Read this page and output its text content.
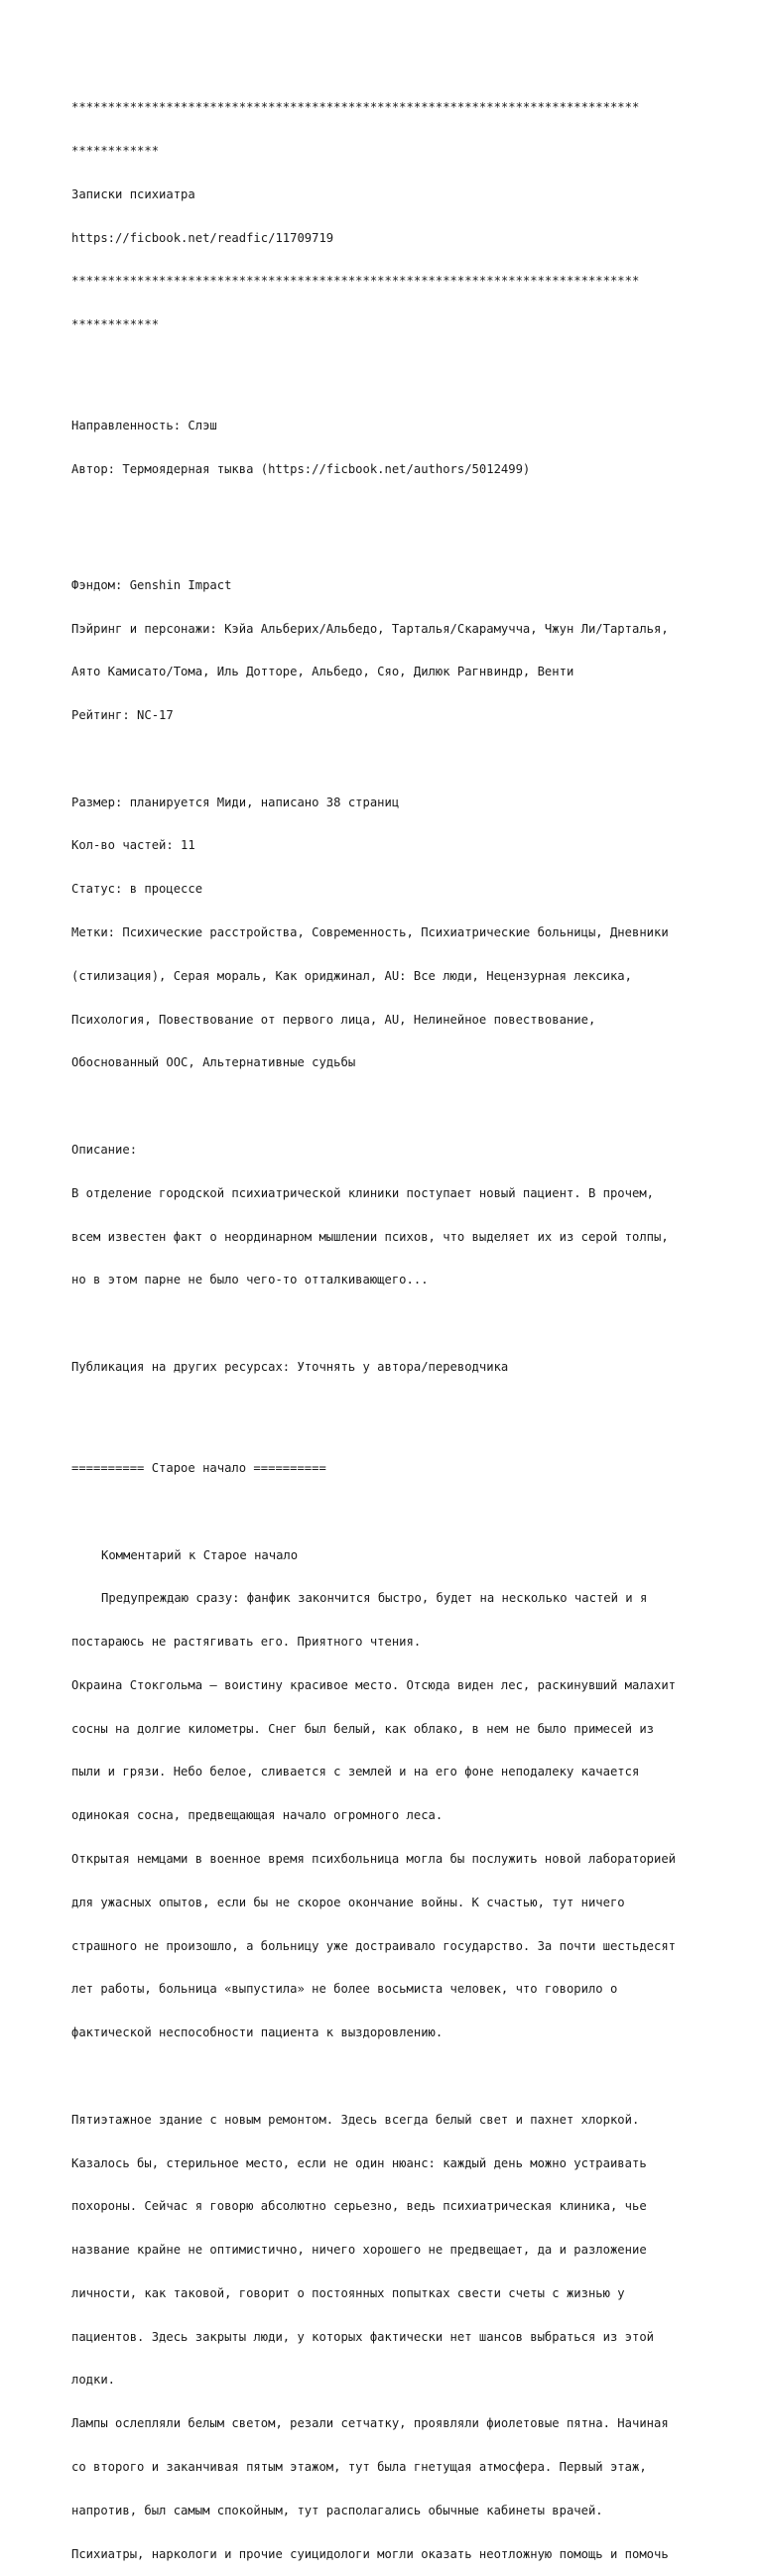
******************************************************************************

************

Записки психиатра

https://ficbook.net/readfic/11709719

******************************************************************************

************

Направленность: Слэш

Автор: Термоядерная тыква (https://ficbook.net/authors/5012499)

Фэндом: Genshin Impact

Пэйринг и персонажи: Кэйа Альберих/Альбедо, Тарталья/Скарамучча, Чжун Ли/Тарталья,

Аято Камисато/Тома, Иль Дотторе, Альбедо, Сяо, Дилюк Рагнвиндр, Венти

Рейтинг: NC-17

Размер: планируется Миди, написано 38 страниц

Кол-во частей: 11

Статус: в процессе

Метки: Психические расстройства, Современность, Психиатрические больницы, Дневники

(стилизация), Серая мораль, Как ориджинал, AU: Все люди, Нецензурная лексика,

Психология, Повествование от первого лица, AU, Нелинейное повествование,

Обоснованный ООС, Альтернативные судьбы

Описание:

В отделение городской психиатрической клиники поступает новый пациент. В прочем,

всем известен факт о неординарном мышлении психов, что выделяет их из серой толпы,

но в этом парне не было чего-то отталкивающего...

Публикация на других ресурсах: Уточнять у автора/переводчика

========== Старое начало ==========

Комментарий к Старое начало

Предупреждаю сразу: фанфик закончится быстро, будет на несколько частей и я

постараюсь не растягивать его. Приятного чтения.

Окраина Стокгольма — воистину красивое место. Отсюда виден лес, раскинувший малахит

сосны на долгие километры. Снег был белый, как облако, в нем не было примесей из

пыли и грязи. Небо белое, сливается с землей и на его фоне неподалеку качается

одинокая сосна, предвещающая начало огромного леса.

Открытая немцами в военное время психбольница могла бы послужить новой лабораторией

для ужасных опытов, если бы не скорое окончание войны. К счастью, тут ничего

страшного не произошло, а больницу уже достраивало государство. За почти шестьдесят

лет работы, больница «выпустила» не более восьмиста человек, что говорило о

фактической неспособности пациента к выздоровлению.

Пятиэтажное здание с новым ремонтом. Здесь всегда белый свет и пахнет хлоркой.

Казалось бы, стерильное место, если не один нюанс: каждый день можно устраивать

похороны. Сейчас я говорю абсолютно серьезно, ведь психиатрическая клиника, чье

название крайне не оптимистично, ничего хорошего не предвещает, да и разложение

личности, как таковой, говорит о постоянных попытках свести счеты с жизнью у

пациентов. Здесь закрыты люди, у которых фактически нет шансов выбраться из этой

лодки.

Лампы ослепляли белым светом, резали сетчатку, проявляли фиолетовые пятна. Начиная

со второго и заканчивая пятым этажом, тут была гнетущая атмосфера. Первый этаж,

напротив, был самым спокойным, тут располагались обычные кабинеты врачей.

Психиатры, наркологи и прочие суицидологи могли оказать неотложную помощь и помочь
